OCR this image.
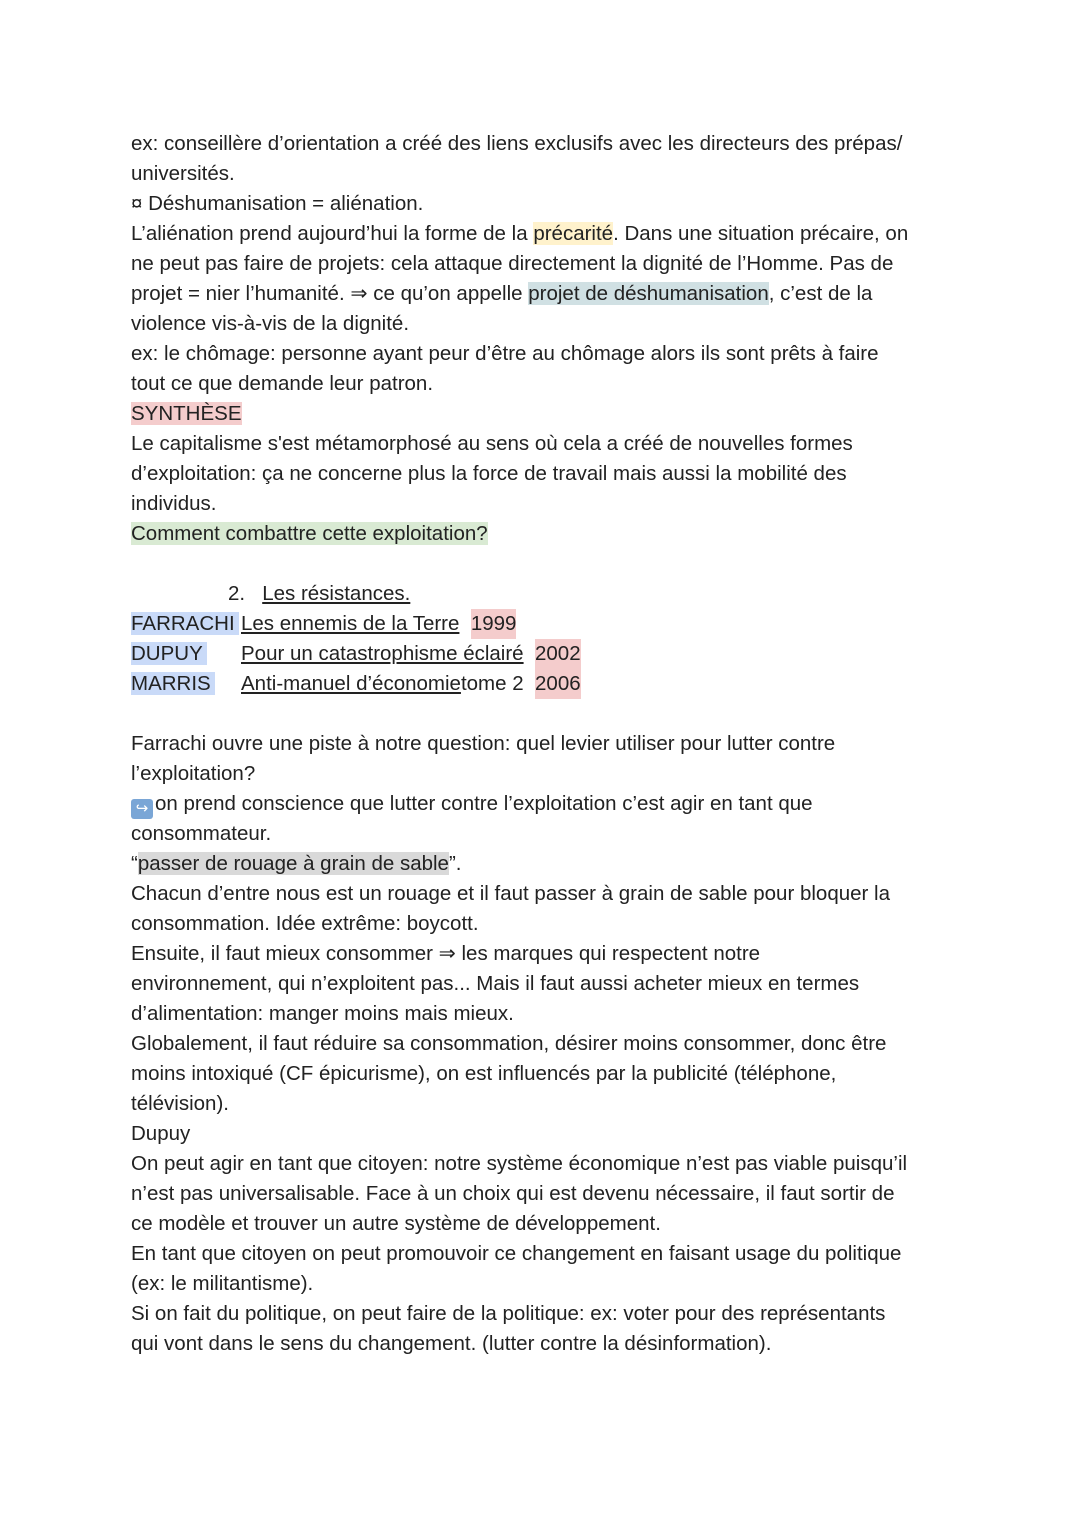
ex: conseillère d’orientation a créé des liens exclusifs avec les directeurs des prépas/
universités.
¤ Déshumanisation = aliénation.
L’aliénation prend aujourd’hui la forme de la précarité. Dans une situation précaire, on
ne peut pas faire de projets: cela attaque directement la dignité de l’Homme. Pas de
projet = nier l’humanité. ⇒ ce qu’on appelle projet de déshumanisation, c’est de la
violence vis-à-vis de la dignité.
ex: le chômage: personne ayant peur d’être au chômage alors ils sont prêts à faire
tout ce que demande leur patron.
SYNTHÈSE
Le capitalisme s'est métamorphosé au sens où cela a créé de nouvelles formes
d’exploitation: ça ne concerne plus la force de travail mais aussi la mobilité des
individus.
Comment combattre cette exploitation?
2. Les résistances.
FARRACHI Les ennemis de la Terre
1999
DUPUY	Pour un catastrophisme éclairé
2002
MARRIS	Anti-manuel d’économie tome 2
2006
Farrachi ouvre une piste à notre question: quel levier utiliser pour lutter contre
l’exploitation?
↪ on prend conscience que lutter contre l’exploitation c’est agir en tant que
consommateur.
“passer de rouage à grain de sable”.
Chacun d’entre nous est un rouage et il faut passer à grain de sable pour bloquer la
consommation. Idée extrême: boycott.
Ensuite, il faut mieux consommer ⇒ les marques qui respectent notre
environnement, qui n’exploitent pas... Mais il faut aussi acheter mieux en termes
d’alimentation: manger moins mais mieux.
Globalement, il faut réduire sa consommation, désirer moins consommer, donc être
moins intoxiqué (CF épicurisme), on est influencés par la publicité (téléphone,
télévision).
Dupuy
On peut agir en tant que citoyen: notre système économique n’est pas viable puisqu’il
n’est pas universalisable. Face à un choix qui est devenu nécessaire, il faut sortir de
ce modèle et trouver un autre système de développement.
En tant que citoyen on peut promouvoir ce changement en faisant usage du politique
(ex: le militantisme).
Si on fait du politique, on peut faire de la politique: ex: voter pour des représentants
qui vont dans le sens du changement. (lutter contre la désinformation).
